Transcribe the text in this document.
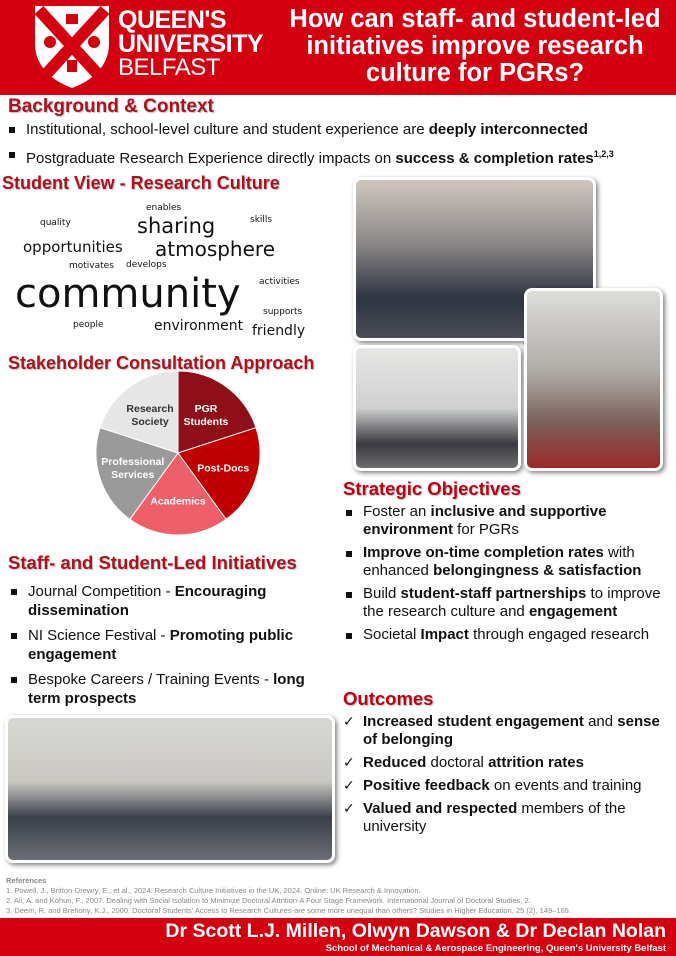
QUEEN'S
UNIVERSITY
BELFAST
How can staff- and student-led initiatives improve research culture for PGRs?
Background & Context
Institutional, school-level culture and student experience are deeply interconnected
Postgraduate Research Experience directly impacts on success & completion rates$^{1,2,3}$
Student View - Research Culture
enables
quality	skills
sharing
opportunities atmosphere
motivates develops
activities
community supports
people	environment friendly
Stakeholder Consultation Approach
PGR Students
Post-Docs
Academics
Professional Services
Research Society
Staff- and Student-Led Initiatives
Journal Competition - Encouraging dissemination
NI Science Festival - Promoting public engagement
Bespoke Careers / Training Events - long term prospects
Strategic Objectives
Foster an inclusive and supportive environment for PGRs
Improve on-time completion rates with enhanced belongingness & satisfaction
Build student-staff partnerships to improve the research culture and engagement
Societal Impact through engaged research
Outcomes
✓ Increased student engagement and sense of belonging
✓ Reduced doctoral attrition rates
✓ Positive feedback on events and training
✓ Valued and respected members of the university
References
1. Powell, J., Britton-Drewry, E., et al., 2024. Research Culture Initiatives in the UK, 2024. Online: UK Research & Innovation.
2. Ali, A. and Kohun, F., 2007. Dealing with Social Isolation to Minimize Doctoral Attrition-A Four Stage Framework. International Journal of Doctoral Studies, 2.
3. Deem, R. and Brehony, K.J., 2000. Doctoral Students' Access to Research Cultures-are some more unequal than others? Studies in Higher Education, 25 (2), 149–165.
Dr Scott L.J. Millen, Olwyn Dawson & Dr Declan Nolan
School of Mechanical & Aerospace Engineering, Queen's University Belfast
